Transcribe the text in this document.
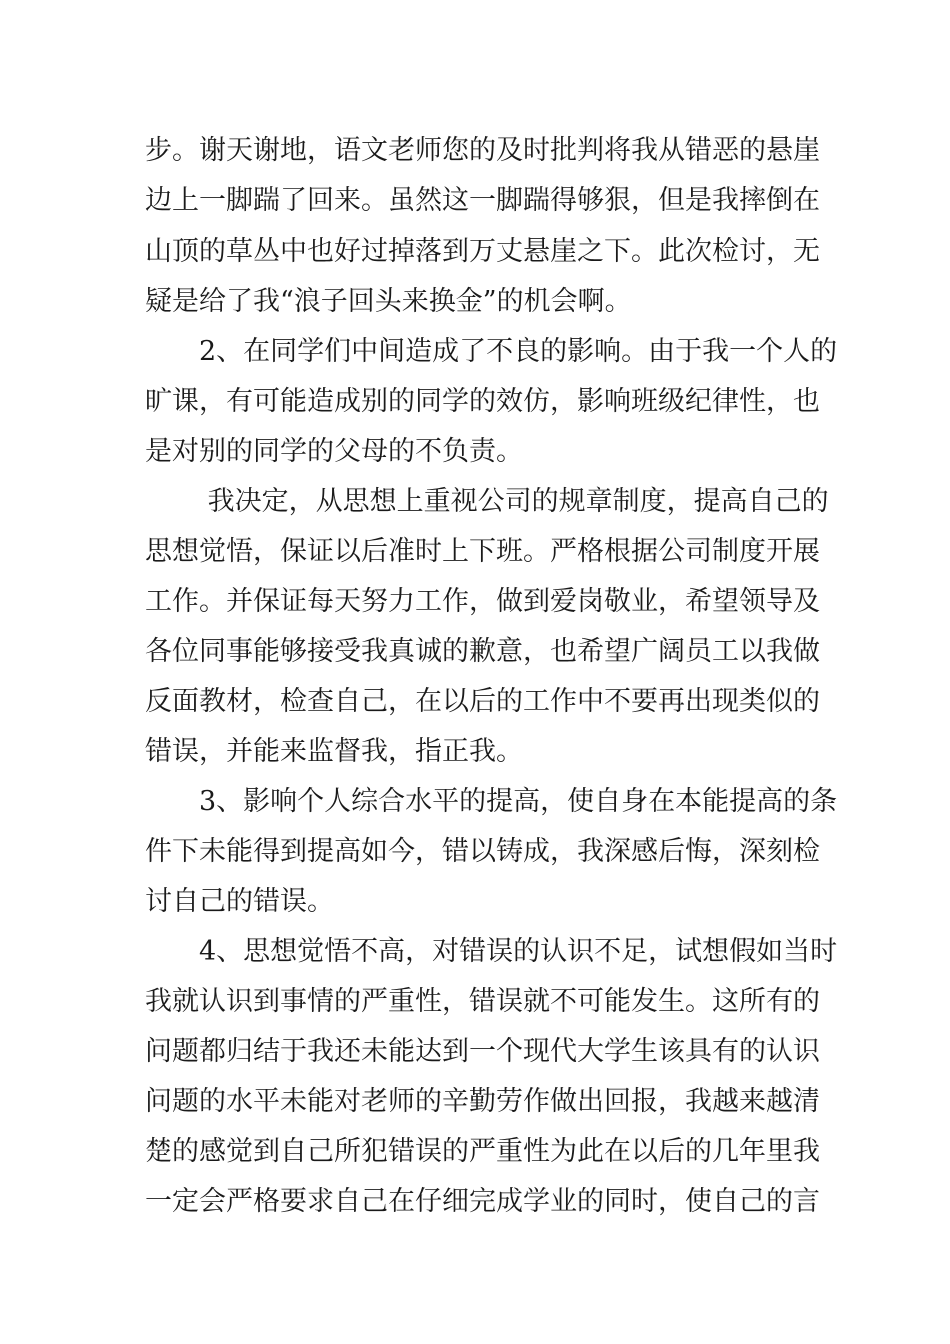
步。谢天谢地，语文老师您的及时批判将我从错恶的悬崖
边上一脚踹了回来。虽然这一脚踹得够狠，但是我摔倒在
山顶的草丛中也好过掉落到万丈悬崖之下。此次检讨，无
疑是给了我“浪子回头来换金”的机会啊。
　　2、在同学们中间造成了不良的影响。由于我一个人的
旷课，有可能造成别的同学的效仿，影响班级纪律性，也
是对别的同学的父母的不负责。
　　 我决定，从思想上重视公司的规章制度，提高自己的
思想觉悟，保证以后准时上下班。严格根据公司制度开展
工作。并保证每天努力工作，做到爱岗敬业，希望领导及
各位同事能够接受我真诚的歉意，也希望广阔员工以我做
反面教材，检查自己，在以后的工作中不要再出现类似的
错误，并能来监督我，指正我。
　　3、影响个人综合水平的提高，使自身在本能提高的条
件下未能得到提高如今，错以铸成，我深感后悔，深刻检
讨自己的错误。
　　4、思想觉悟不高，对错误的认识不足，试想假如当时
我就认识到事情的严重性，错误就不可能发生。这所有的
问题都归结于我还未能达到一个现代大学生该具有的认识
问题的水平未能对老师的辛勤劳作做出回报，我越来越清
楚的感觉到自己所犯错误的严重性为此在以后的几年里我
一定会严格要求自己在仔细完成学业的同时，使自己的言
